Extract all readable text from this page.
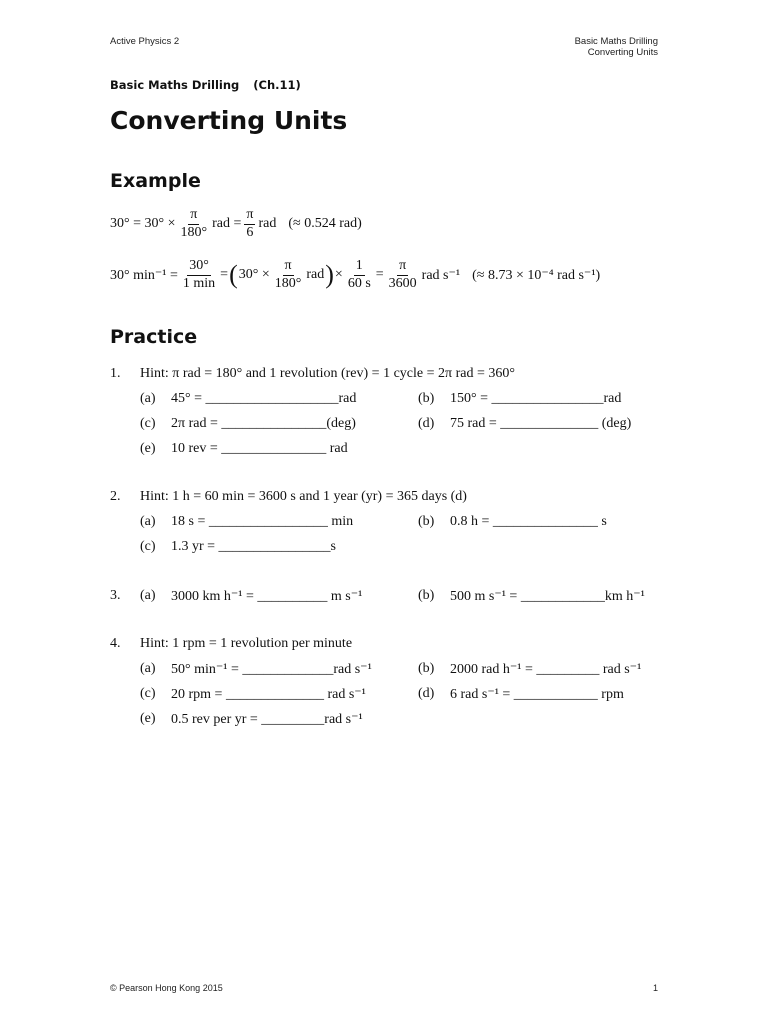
Active Physics 2	Basic Maths Drilling
Converting Units
Basic Maths Drilling (Ch.11)
Converting Units
Example
$30^\circ = 30^\circ \times \frac{\pi}{180^\circ}$ rad = $\frac{\pi}{6}$ rad (≈ 0.524 rad)
30° $\min^{-1} = \frac{30^\circ}{1 \min}$ = ( $30^\circ \times \frac{\pi}{180^\circ}$ rad ) × $\frac{1}{60 s} = \frac{\pi}{3600}$ rad s⁻¹ (≈ 8.73 × 10⁻⁴ rad s⁻¹)
Practice
1. Hint: π rad = 180° and 1 revolution (rev) = 1 cycle = 2π rad = 360°
(a) 45° = ___________________rad	(b) 150° = ________________rad
(c) 2π rad = _______________(deg)	(d) 75 rad = ______________ (deg)
(e) 10 rev = _______________ rad
2. Hint: 1 h = 60 min = 3600 s and 1 year (yr) = 365 days (d)
(a) 18 s = _________________ min	(b) 0.8 h = _______________ s
(c) 1.3 yr = ________________s
3. (a) 3000 km h⁻¹ = __________ m s⁻¹	(b) 500 m s⁻¹ = ____________km h⁻¹
4. Hint: 1 rpm = 1 revolution per minute
(a) 50° min⁻¹ = _____________rad s⁻¹	(b) 2000 rad h⁻¹ = _________ rad s⁻¹
(c) 20 rpm = ______________ rad s⁻¹	(d) 6 rad s⁻¹ = ____________ rpm
(e) 0.5 rev per yr = _________rad s⁻¹
© Pearson Hong Kong 2015	1
